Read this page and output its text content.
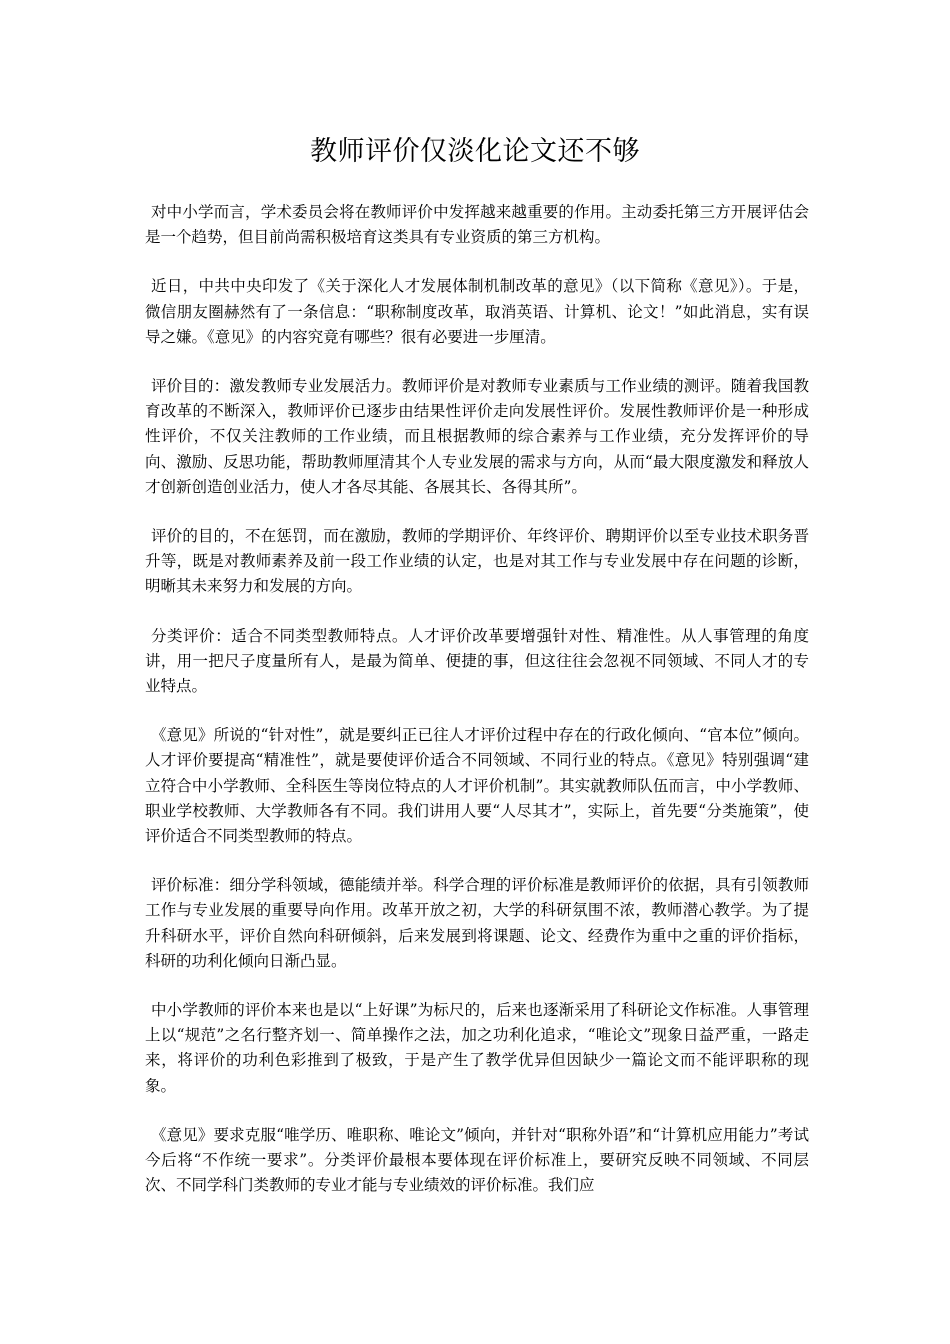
教师评价仅淡化论文还不够

对中小学而言，学术委员会将在教师评价中发挥越来越重要的作用。主动委托第三方开展评估会是一个趋势，但目前尚需积极培育这类具有专业资质的第三方机构。

近日，中共中央印发了《关于深化人才发展体制机制改革的意见》（以下简称《意见》）。于是，微信朋友圈赫然有了一条信息：“职称制度改革，取消英语、计算机、论文！”如此消息，实有误导之嫌。《意见》的内容究竟有哪些？很有必要进一步厘清。

评价目的：激发教师专业发展活力。教师评价是对教师专业素质与工作业绩的测评。随着我国教育改革的不断深入，教师评价已逐步由结果性评价走向发展性评价。发展性教师评价是一种形成性评价，不仅关注教师的工作业绩，而且根据教师的综合素养与工作业绩，充分发挥评价的导向、激励、反思功能，帮助教师厘清其个人专业发展的需求与方向，从而“最大限度激发和释放人才创新创造创业活力，使人才各尽其能、各展其长、各得其所”。

评价的目的，不在惩罚，而在激励，教师的学期评价、年终评价、聘期评价以至专业技术职务晋升等，既是对教师素养及前一段工作业绩的认定，也是对其工作与专业发展中存在问题的诊断，明晰其未来努力和发展的方向。

分类评价：适合不同类型教师特点。人才评价改革要增强针对性、精准性。从人事管理的角度讲，用一把尺子度量所有人，是最为简单、便捷的事，但这往往会忽视不同领域、不同人才的专业特点。

《意见》所说的“针对性”，就是要纠正已往人才评价过程中存在的行政化倾向、“官本位”倾向。人才评价要提高“精准性”，就是要使评价适合不同领域、不同行业的特点。《意见》特别强调“建立符合中小学教师、全科医生等岗位特点的人才评价机制”。其实就教师队伍而言，中小学教师、职业学校教师、大学教师各有不同。我们讲用人要“人尽其才”，实际上，首先要“分类施策”，使评价适合不同类型教师的特点。

评价标准：细分学科领域，德能绩并举。科学合理的评价标准是教师评价的依据，具有引领教师工作与专业发展的重要导向作用。改革开放之初，大学的科研氛围不浓，教师潜心教学。为了提升科研水平，评价自然向科研倾斜，后来发展到将课题、论文、经费作为重中之重的评价指标，科研的功利化倾向日渐凸显。

中小学教师的评价本来也是以“上好课”为标尺的，后来也逐渐采用了科研论文作标准。人事管理上以“规范”之名行整齐划一、简单操作之法，加之功利化追求，“唯论文”现象日益严重，一路走来，将评价的功利色彩推到了极致，于是产生了教学优异但因缺少一篇论文而不能评职称的现象。

《意见》要求克服“唯学历、唯职称、唯论文”倾向，并针对“职称外语”和“计算机应用能力”考试今后将“不作统一要求”。分类评价最根本要体现在评价标准上，要研究反映不同领域、不同层次、不同学科门类教师的专业才能与专业绩效的评价标准。我们应
